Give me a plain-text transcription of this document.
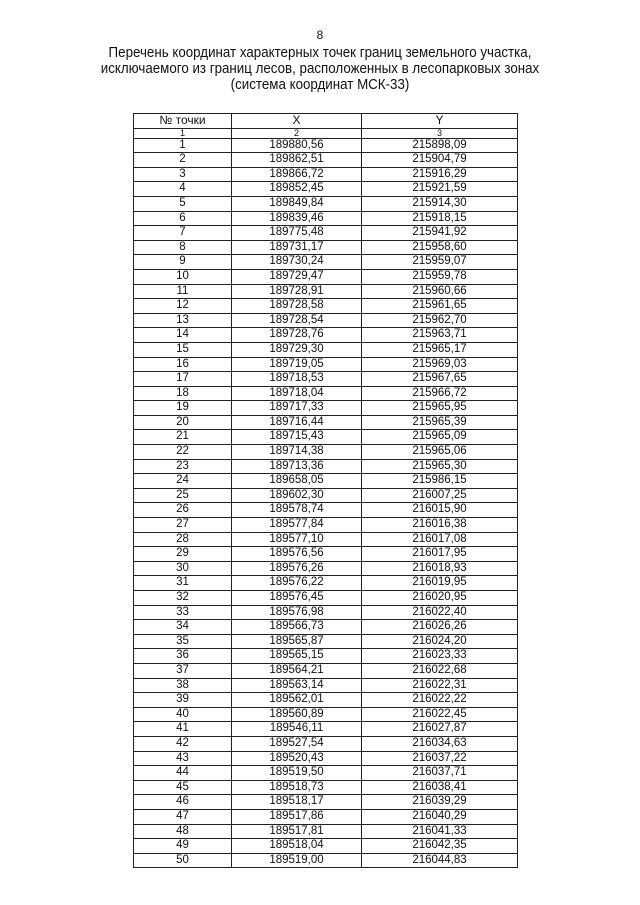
8
Перечень координат характерных точек границ земельного участка,
исключаемого из границ лесов, расположенных в лесопарковых зонах
(система координат МСК-33)
№ точки	X	Y
1	2	3
1	189880,56	215898,09
2	189862,51	215904,79
3	189866,72	215916,29
4	189852,45	215921,59
5	189849,84	215914,30
6	189839,46	215918,15
7	189775,48	215941,92
8	189731,17	215958,60
9	189730,24	215959,07
10	189729,47	215959,78
11	189728,91	215960,66
12	189728,58	215961,65
13	189728,54	215962,70
14	189728,76	215963,71
15	189729,30	215965,17
16	189719,05	215969,03
17	189718,53	215967,65
18	189718,04	215966,72
19	189717,33	215965,95
20	189716,44	215965,39
21	189715,43	215965,09
22	189714,38	215965,06
23	189713,36	215965,30
24	189658,05	215986,15
25	189602,30	216007,25
26	189578,74	216015,90
27	189577,84	216016,38
28	189577,10	216017,08
29	189576,56	216017,95
30	189576,26	216018,93
31	189576,22	216019,95
32	189576,45	216020,95
33	189576,98	216022,40
34	189566,73	216026,26
35	189565,87	216024,20
36	189565,15	216023,33
37	189564,21	216022,68
38	189563,14	216022,31
39	189562,01	216022,22
40	189560,89	216022,45
41	189546,11	216027,87
42	189527,54	216034,63
43	189520,43	216037,22
44	189519,50	216037,71
45	189518,73	216038,41
46	189518,17	216039,29
47	189517,86	216040,29
48	189517,81	216041,33
49	189518,04	216042,35
50	189519,00	216044,83
